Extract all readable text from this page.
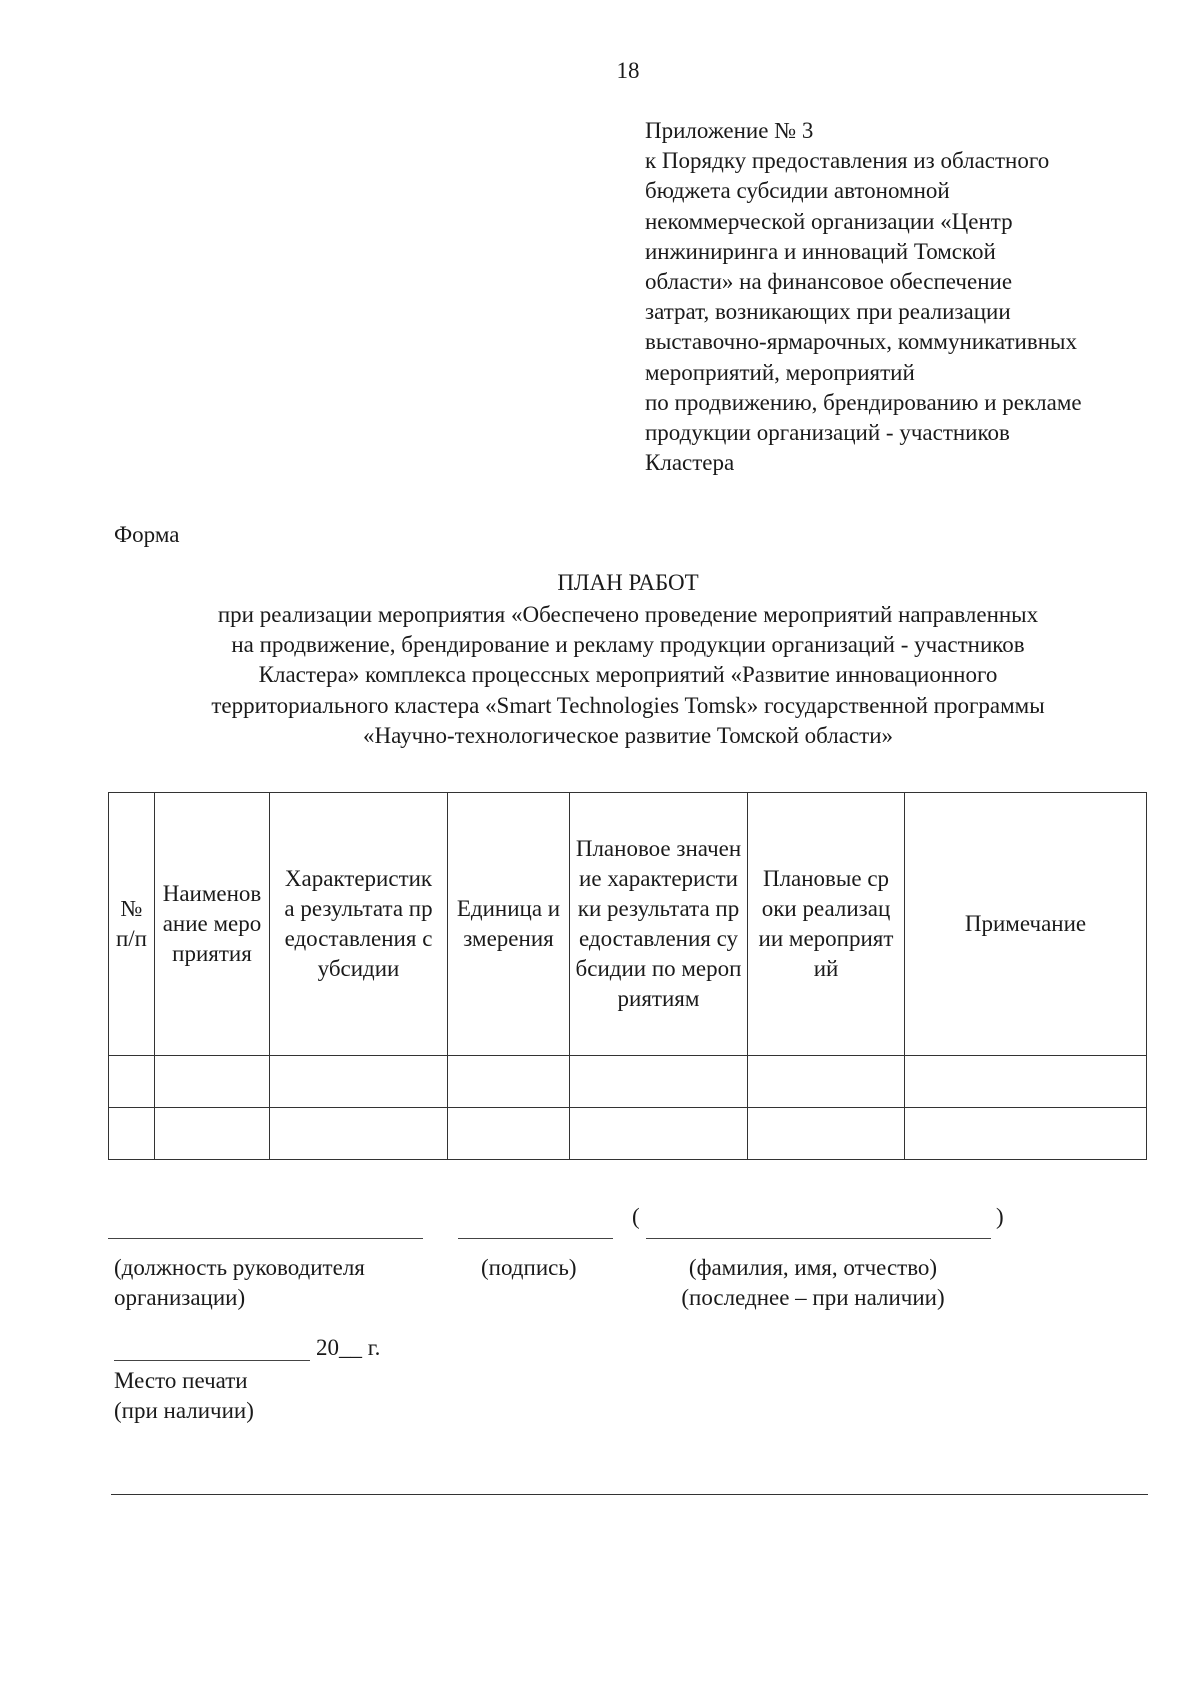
18
Приложение № 3
к Порядку предоставления из областного
бюджета субсидии автономной
некоммерческой организации «Центр
инжиниринга и инноваций Томской
области» на финансовое обеспечение
затрат, возникающих при реализации
выставочно-ярмарочных, коммуникативных
мероприятий, мероприятий
по продвижению, брендированию и рекламе
продукции организаций - участников
Кластера
Форма
ПЛАН РАБОТ
при реализации мероприятия «Обеспечено проведение мероприятий направленных
на продвижение, брендирование и рекламу продукции организаций - участников
Кластера» комплекса процессных мероприятий «Развитие инновационного
территориального кластера «Smart Technologies Tomsk» государственной программы
«Научно-технологическое развитие Томской области»
№ п/п	Наименование мероприятия	Характеристика результата предоставления субсидии	Единица измерения	Плановое значение характеристики результата предоставления субсидии по мероприятиям	Плановые сроки реализации мероприятий	Примечание

(	)
(должность руководителя
организации)
(подпись)	(фамилия, имя, отчество)
(последнее – при наличии)
20__ г.
Место печати
(при наличии)
